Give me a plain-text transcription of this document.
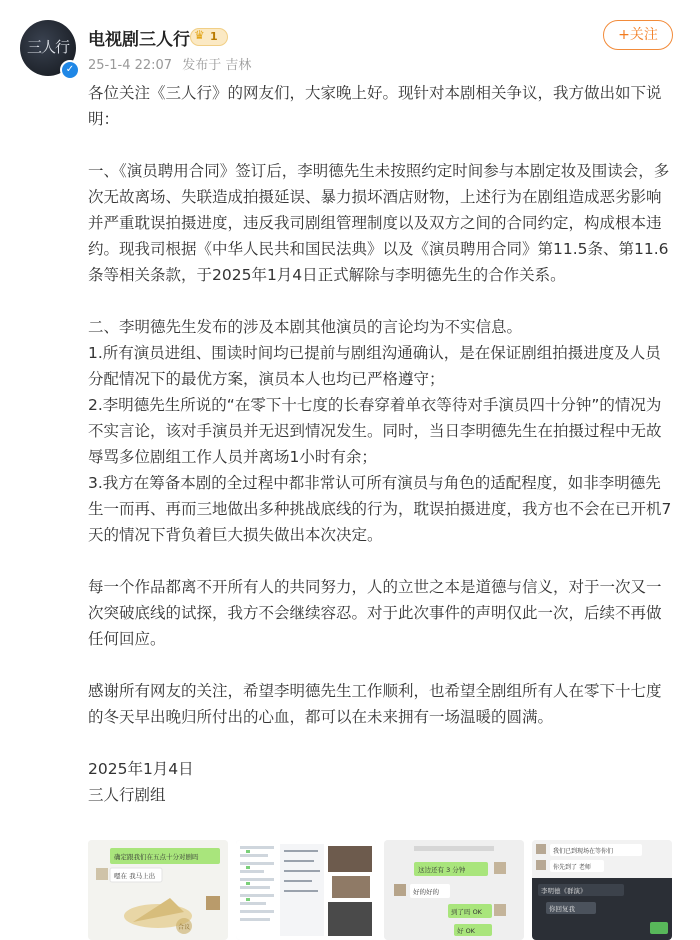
三人行
✓
电视剧三人行 ♛ 1
25-1-4 22:07 发布于 吉林
+关注

各位关注《三人行》的网友们，大家晚上好。现针对本剧相关争议，我方做出如下说明：

一、《演员聘用合同》签订后，李明德先生未按照约定时间参与本剧定妆及围读会，多次无故离场、失联造成拍摄延误、暴力损坏酒店财物，上述行为在剧组造成恶劣影响并严重耽误拍摄进度，违反我司剧组管理制度以及双方之间的合同约定，构成根本违约。现我司根据《中华人民共和国民法典》以及《演员聘用合同》第11.5条、第11.6条等相关条款，于2025年1月4日正式解除与李明德先生的合作关系。

二、李明德先生发布的涉及本剧其他演员的言论均为不实信息。

1.所有演员进组、围读时间均已提前与剧组沟通确认，是在保证剧组拍摄进度及人员分配情况下的最优方案，演员本人也均已严格遵守；

2.李明德先生所说的“在零下十七度的长春穿着单衣等待对手演员四十分钟”的情况为不实言论，该对手演员并无迟到情况发生。同时，当日李明德先生在拍摄过程中无故辱骂多位剧组工作人员并离场1小时有余；

3.我方在筹备本剧的全过程中都非常认可所有演员与角色的适配程度，如非李明德先生一而再、再而三地做出多种挑战底线的行为，耽误拍摄进度，我方也不会在已开机7天的情况下背负着巨大损失做出本次决定。

每一个作品都离不开所有人的共同努力，人的立世之本是道德与信义，对于一次又一次突破底线的试探，我方不会继续容忍。对于此次事件的声明仅此一次，后续不再做任何回应。

感谢所有网友的关注，希望李明德先生工作顺利，也希望全剧组所有人在零下十七度的冬天早出晚归所付出的心血，都可以在未来拥有一场温暖的圆满。

2025年1月4日

三人行剧组

确定跟我们在五点十分对剧吗
嗯在 我马上出
合议
这边还有 3 分钟
好的好的
到了吗 OK
好 OK
我们已到现场在等你们
你先到了 老师
李明德《群演》
你回复我
